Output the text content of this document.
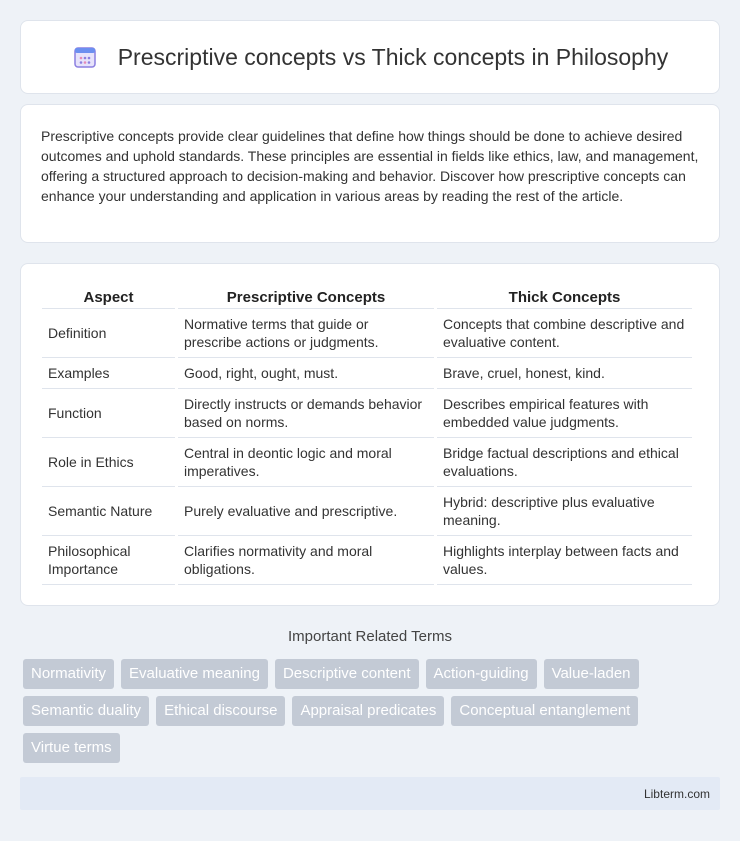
Prescriptive concepts vs Thick concepts in Philosophy

Prescriptive concepts provide clear guidelines that define how things should be done to achieve desired outcomes and uphold standards. These principles are essential in fields like ethics, law, and management, offering a structured approach to decision-making and behavior. Discover how prescriptive concepts can enhance your understanding and application in various areas by reading the rest of the article.

Aspect	Prescriptive Concepts	Thick Concepts
Definition	Normative terms that guide or prescribe actions or judgments.	Concepts that combine descriptive and evaluative content.
Examples	Good, right, ought, must.	Brave, cruel, honest, kind.
Function	Directly instructs or demands behavior based on norms.	Describes empirical features with embedded value judgments.
Role in Ethics	Central in deontic logic and moral imperatives.	Bridge factual descriptions and ethical evaluations.
Semantic Nature	Purely evaluative and prescriptive.	Hybrid: descriptive plus evaluative meaning.
Philosophical Importance	Clarifies normativity and moral obligations.	Highlights interplay between facts and values.
Important Related Terms
Normativity	Evaluative meaning	Descriptive content	Action-guiding	Value-laden
Semantic duality	Ethical discourse	Appraisal predicates	Conceptual entanglement
Virtue terms
Libterm.com
